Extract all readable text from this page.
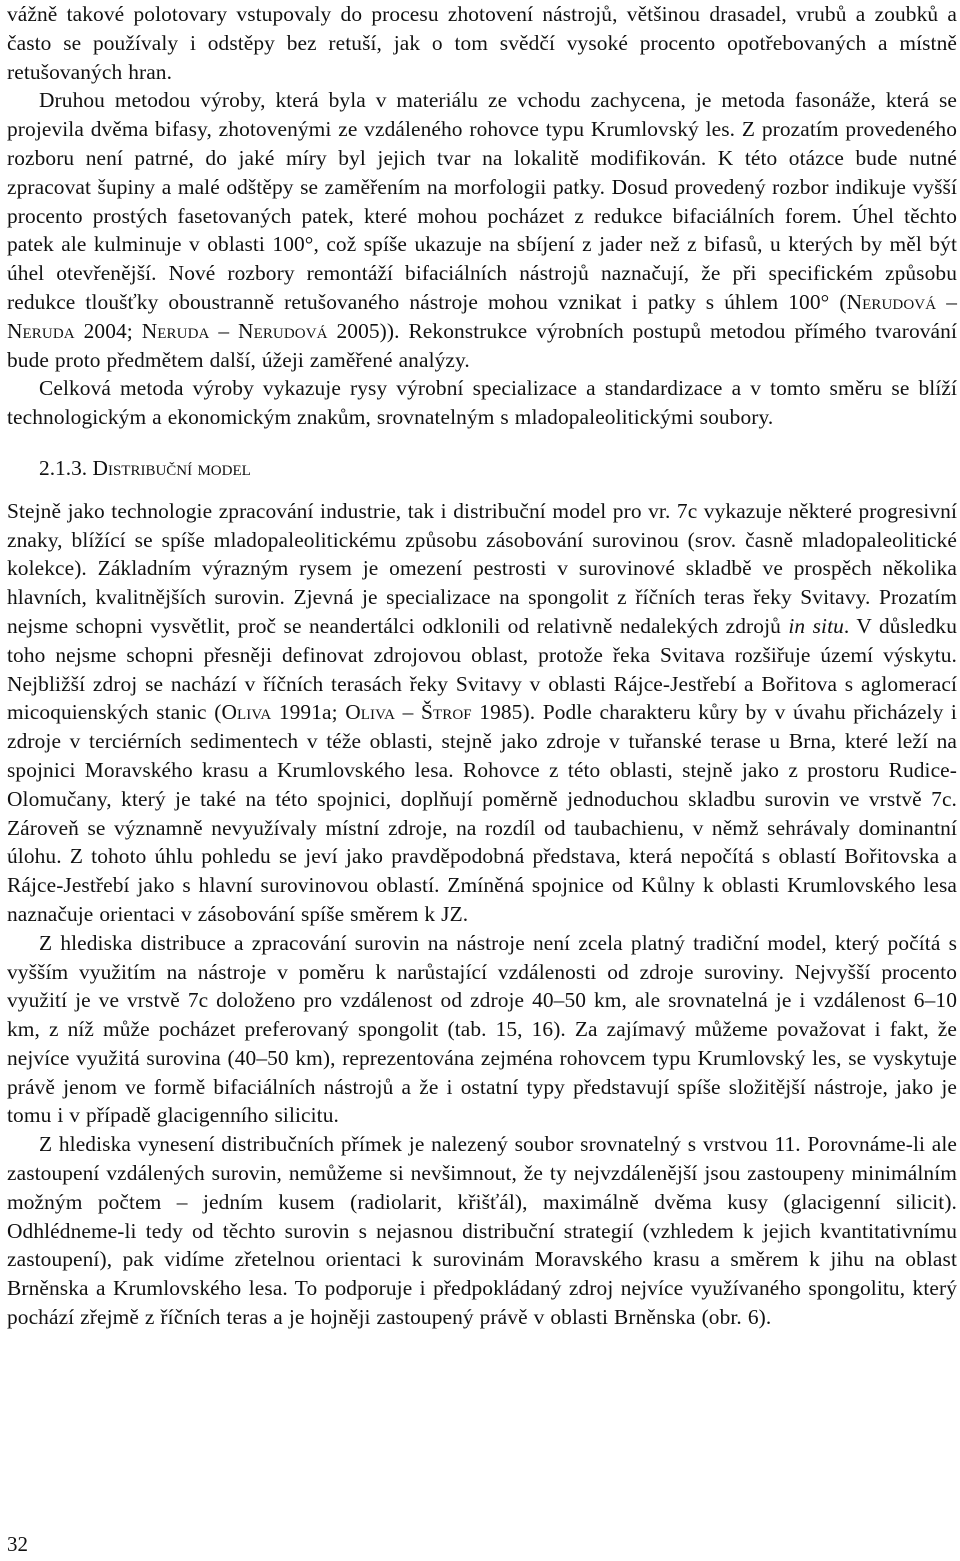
vážně takové polotovary vstupovaly do procesu zhotovení nástrojů, většinou drasadel, vrubů a zoubků a často se používaly i odstěpy bez retuší, jak o tom svědčí vysoké procento opotřebovaných a místně retušovaných hran.

Druhou metodou výroby, která byla v materiálu ze vchodu zachycena, je metoda fasonáže, která se projevila dvěma bifasy, zhotovenými ze vzdáleného rohovce typu Krumlovský les. Z prozatím provedeného rozboru není patrné, do jaké míry byl jejich tvar na lokalitě modifikován. K této otázce bude nutné zpracovat šupiny a malé odštěpy se zaměřením na morfologii patky. Dosud provedený rozbor indikuje vyšší procento prostých fasetovaných patek, které mohou pocházet z redukce bifaciálních forem. Úhel těchto patek ale kulminuje v oblasti 100°, což spíše ukazuje na sbíjení z jader než z bifasů, u kterých by měl být úhel otevřenější. Nové rozbory remontáží bifaciálních nástrojů naznačují, že při specifickém způsobu redukce tloušťky oboustranně retušovaného nástroje mohou vznikat i patky s úhlem 100° (Nerudová – Neruda 2004; Neruda – Nerudová 2005)). Rekonstrukce výrobních postupů metodou přímého tvarování bude proto předmětem další, úžeji zaměřené analýzy.

Celková metoda výroby vykazuje rysy výrobní specializace a standardizace a v tomto směru se blíží technologickým a ekonomickým znakům, srovnatelným s mladopaleolitickými soubory.

2.1.3. Distribuční model

Stejně jako technologie zpracování industrie, tak i distribuční model pro vr. 7c vykazuje některé progresivní znaky, blížící se spíše mladopaleolitickému způsobu zásobování surovinou (srov. časně mladopaleolitické kolekce). Základním výrazným rysem je omezení pestrosti v surovinové skladbě ve prospěch několika hlavních, kvalitnějších surovin. Zjevná je specializace na spongolit z říčních teras řeky Svitavy. Prozatím nejsme schopni vysvětlit, proč se neandertálci odklonili od relativně nedalekých zdrojů in situ. V důsledku toho nejsme schopni přesněji definovat zdrojovou oblast, protože řeka Svitava rozšiřuje území výskytu. Nejbližší zdroj se nachází v říčních terasách řeky Svitavy v oblasti Rájce-Jestřebí a Bořitova s aglomerací micoquienských stanic (Oliva 1991a; Oliva – Štrof 1985). Podle charakteru kůry by v úvahu přicházely i zdroje v terciérních sedimentech v téže oblasti, stejně jako zdroje v tuřanské terase u Brna, které leží na spojnici Moravského krasu a Krumlovského lesa. Rohovce z této oblasti, stejně jako z prostoru Rudice-Olomučany, který je také na této spojnici, doplňují poměrně jednoduchou skladbu surovin ve vrstvě 7c. Zároveň se významně nevyužívaly místní zdroje, na rozdíl od taubachienu, v němž sehrávaly dominantní úlohu. Z tohoto úhlu pohledu se jeví jako pravděpodobná představa, která nepočítá s oblastí Bořitovska a Rájce-Jestřebí jako s hlavní surovinovou oblastí. Zmíněná spojnice od Kůlny k oblasti Krumlovského lesa naznačuje orientaci v zásobování spíše směrem k JZ.

Z hlediska distribuce a zpracování surovin na nástroje není zcela platný tradiční model, který počítá s vyšším využitím na nástroje v poměru k narůstající vzdálenosti od zdroje suroviny. Nejvyšší procento využití je ve vrstvě 7c doloženo pro vzdálenost od zdroje 40–50 km, ale srovnatelná je i vzdálenost 6–10 km, z níž může pocházet preferovaný spongolit (tab. 15, 16). Za zajímavý můžeme považovat i fakt, že nejvíce využitá surovina (40–50 km), reprezentována zejména rohovcem typu Krumlovský les, se vyskytuje právě jenom ve formě bifaciálních nástrojů a že i ostatní typy představují spíše složitější nástroje, jako je tomu i v případě glacigenního silicitu.

Z hlediska vynesení distribučních přímek je nalezený soubor srovnatelný s vrstvou 11. Porovnáme-li ale zastoupení vzdálených surovin, nemůžeme si nevšimnout, že ty nejvzdálenější jsou zastoupeny minimálním možným počtem – jedním kusem (radiolarit, křišťál), maximálně dvěma kusy (glacigenní silicit). Odhlédneme-li tedy od těchto surovin s nejasnou distribuční strategií (vzhledem k jejich kvantitativnímu zastoupení), pak vidíme zřetelnou orientaci k surovinám Moravského krasu a směrem k jihu na oblast Brněnska a Krumlovského lesa. To podporuje i předpokládaný zdroj nejvíce využívaného spongolitu, který pochází zřejmě z říčních teras a je hojněji zastoupený právě v oblasti Brněnska (obr. 6).

32
